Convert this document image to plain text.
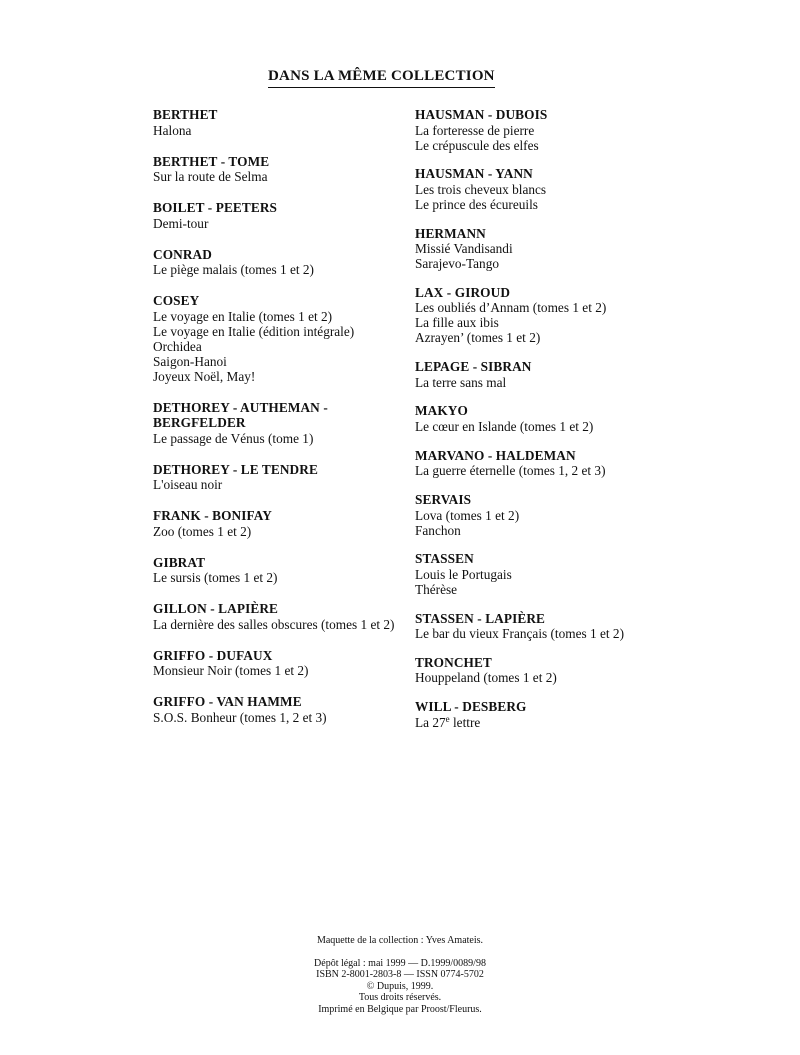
DANS LA MÊME COLLECTION
BERTHET
Halona
BERTHET - TOME
Sur la route de Selma
BOILET - PEETERS
Demi-tour
CONRAD
Le piège malais (tomes 1 et 2)
COSEY
Le voyage en Italie (tomes 1 et 2)
Le voyage en Italie (édition intégrale)
Orchidea
Saigon-Hanoi
Joyeux Noël, May!
DETHOREY - AUTHEMAN -
BERGFELDER
Le passage de Vénus (tome 1)
DETHOREY - LE TENDRE
L'oiseau noir
FRANK - BONIFAY
Zoo (tomes 1 et 2)
GIBRAT
Le sursis (tomes 1 et 2)
GILLON - LAPIÈRE
La dernière des salles obscures (tomes 1 et 2)
GRIFFO - DUFAUX
Monsieur Noir (tomes 1 et 2)
GRIFFO - VAN HAMME
S.O.S. Bonheur (tomes 1, 2 et 3)
HAUSMAN - DUBOIS
La forteresse de pierre
Le crépuscule des elfes
HAUSMAN - YANN
Les trois cheveux blancs
Le prince des écureuils
HERMANN
Missié Vandisandi
Sarajevo-Tango
LAX - GIROUD
Les oubliés d’Annam (tomes 1 et 2)
La fille aux ibis
Azrayen’ (tomes 1 et 2)
LEPAGE - SIBRAN
La terre sans mal
MAKYO
Le cœur en Islande (tomes 1 et 2)
MARVANO - HALDEMAN
La guerre éternelle (tomes 1, 2 et 3)
SERVAIS
Lova (tomes 1 et 2)
Fanchon
STASSEN
Louis le Portugais
Thérèse
STASSEN - LAPIÈRE
Le bar du vieux Français (tomes 1 et 2)
TRONCHET
Houppeland (tomes 1 et 2)
WILL - DESBERG
La 27e lettre
Maquette de la collection : Yves Amateis.
Dépôt légal : mai 1999 — D.1999/0089/98
ISBN 2-8001-2803-8 — ISSN 0774-5702
© Dupuis, 1999.
Tous droits réservés.
Imprimé en Belgique par Proost/Fleurus.
